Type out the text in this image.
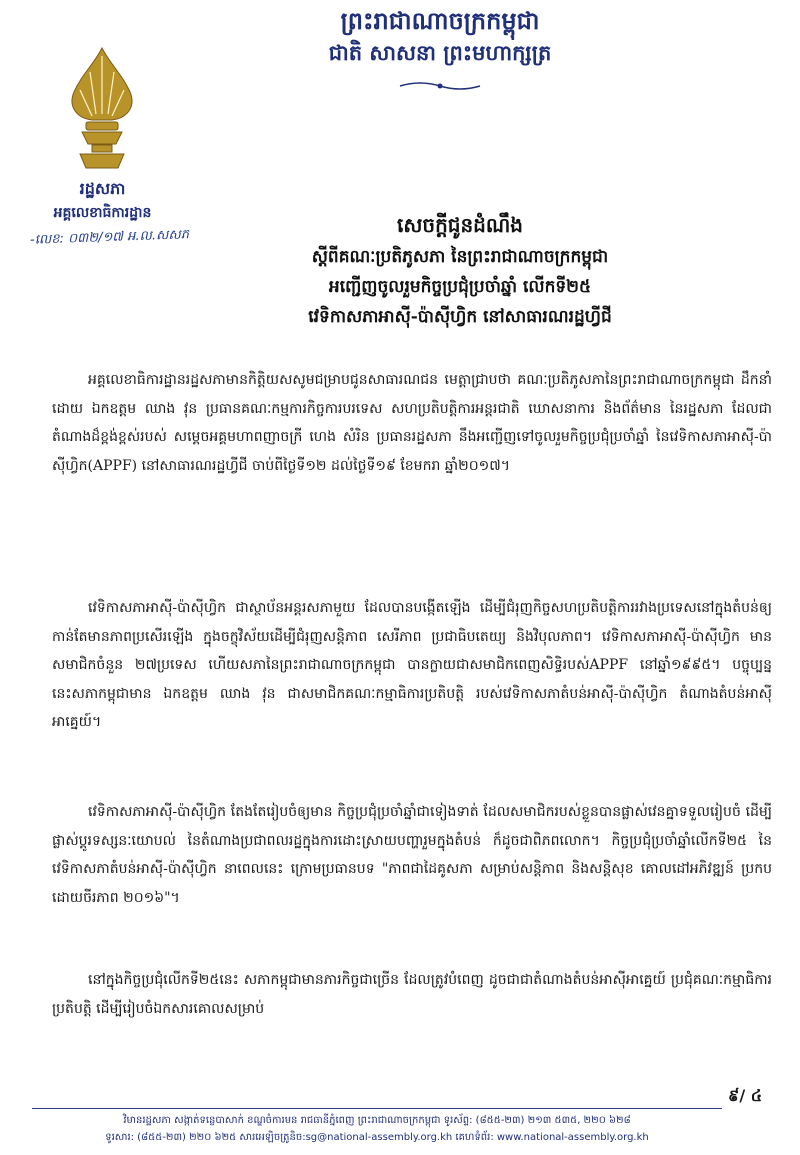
ព្រះរាជាណាចក្រកម្ពុជា
ជាតិ សាសនា ព្រះមហាក្សត្រ
រដ្ឋសភា
អគ្គលេខាធិការដ្ឋាន
-លេខ: ០៣២/១៧ អ.ល.សសភ
សេចក្តីជូនដំណឹង
ស្តីពីគណៈប្រតិភូសភា នៃព្រះរាជាណាចក្រកម្ពុជា
អញ្ជើញចូលរួមកិច្ចប្រជុំប្រចាំឆ្នាំ លើកទី២៥
វេទិកាសភាអាស៊ី-ប៉ាស៊ីហ្វិក នៅសាធារណរដ្ឋហ្វីជី
អគ្គលេខាធិការដ្ឋានរដ្ឋសភាមានកិត្តិយសសូមជម្រាបជូនសាធារណជន មេត្តាជ្រាបថា គណៈប្រតិភូសភានៃព្រះរាជាណាចក្រកម្ពុជា ដឹកនាំដោយ ឯកឧត្តម ឈាង វុន ប្រធានគណៈកម្មការកិច្ចការបរទេស សហប្រតិបត្តិការអន្តរជាតិ ឃោសនាការ និងព័ត៌មាន នៃរដ្ឋសភា ដែលជាតំណាងដ៏ខ្ពង់ខ្ពស់របស់ សម្តេចអគ្គមហាពញាចក្រី ហេង សំរិន ប្រធានរដ្ឋសភា នឹងអញ្ជើញទៅចូលរួមកិច្ចប្រជុំប្រចាំឆ្នាំ នៃវេទិកាសភាអាស៊ី-ប៉ាស៊ីហ្វិក(APPF) នៅសាធារណរដ្ឋហ្វីជី ចាប់ពីថ្ងៃទី១២ ដល់ថ្ងៃទី១៩ ខែមករា ឆ្នាំ២០១៧។
វេទិកាសភាអាស៊ី-ប៉ាស៊ីហ្វិក ជាស្ថាប័នអន្តរសភាមួយ ដែលបានបង្កើតឡើង ដើម្បីជំរុញកិច្ចសហប្រតិបត្តិការរវាងប្រទេសនៅក្នុងតំបន់ឲ្យកាន់តែមានភាពប្រសើរឡើង ក្នុងចក្ខុវិស័យដើម្បីជំរុញសន្តិភាព សេរីភាព ប្រជាធិបតេយ្យ និងវិបុលភាព។ វេទិកាសភាអាស៊ី-ប៉ាស៊ីហ្វិក មានសមាជិកចំនួន ២៧ប្រទេស ហើយសភានៃព្រះរាជាណាចក្រកម្ពុជា បានក្លាយជាសមាជិកពេញសិទ្ធិរបស់APPF នៅឆ្នាំ១៩៩៥។ បច្ចុប្បន្ននេះសភាកម្ពុជាមាន ឯកឧត្តម ឈាង វុន ជាសមាជិកគណៈកម្មាធិការប្រតិបត្តិ របស់វេទិកាសភាតំបន់អាស៊ី-ប៉ាស៊ីហ្វិក តំណាងតំបន់អាស៊ីអាគ្នេយ៍។
វេទិកាសភាអាស៊ី-ប៉ាស៊ីហ្វិក តែងតែរៀបចំឲ្យមាន កិច្ចប្រជុំប្រចាំឆ្នាំជាទៀងទាត់ ដែលសមាជិករបស់ខ្លួនបានផ្លាស់វេនគ្នាទទួលរៀបចំ ដើម្បីផ្លាស់ប្តូរទស្សនៈយោបល់ នៃតំណាងប្រជាពលរដ្ឋក្នុងការដោះស្រាយបញ្ហារួមក្នុងតំបន់ ក៏ដូចជាពិភពលោក។ កិច្ចប្រជុំប្រចាំឆ្នាំលើកទី២៥ នៃវេទិកាសភាតំបន់អាស៊ី-ប៉ាស៊ីហ្វិក នាពេលនេះ ក្រោមប្រធានបទ "ភាពជាដៃគូសភា សម្រាប់សន្តិភាព និងសន្តិសុខ គោលដៅអភិវឌ្ឍន៍ ប្រកបដោយចីរភាព ២០១៦"។
នៅក្នុងកិច្ចប្រជុំលើកទី២៥នេះ សភាកម្ពុជាមានភារកិច្ចជាច្រើន ដែលត្រូវបំពេញ ដូចជាជាតំណាងតំបន់អាស៊ីអាគ្នេយ៍ ប្រជុំគណៈកម្មាធិការប្រតិបត្តិ ដើម្បីរៀបចំឯកសារគោលសម្រាប់
៩/ ៤
វិមានរដ្ឋសភា សង្កាត់ទន្លេបាសាក់ ខណ្ឌចំការមន រាជធានីភ្នំពេញ ព្រះរាជាណាចក្រកម្ពុជា ទូរស័ព្ទ: (៨៥៥-២៣) ២១៣ ៥៣៥, ២២០ ៦២៨
ទូរសារ: (៨៥៥-២៣) ២២០ ៦២៥ សារអេឡិចត្រូនិច:sg@national-assembly.org.kh គេហទំព័រ: www.national-assembly.org.kh
